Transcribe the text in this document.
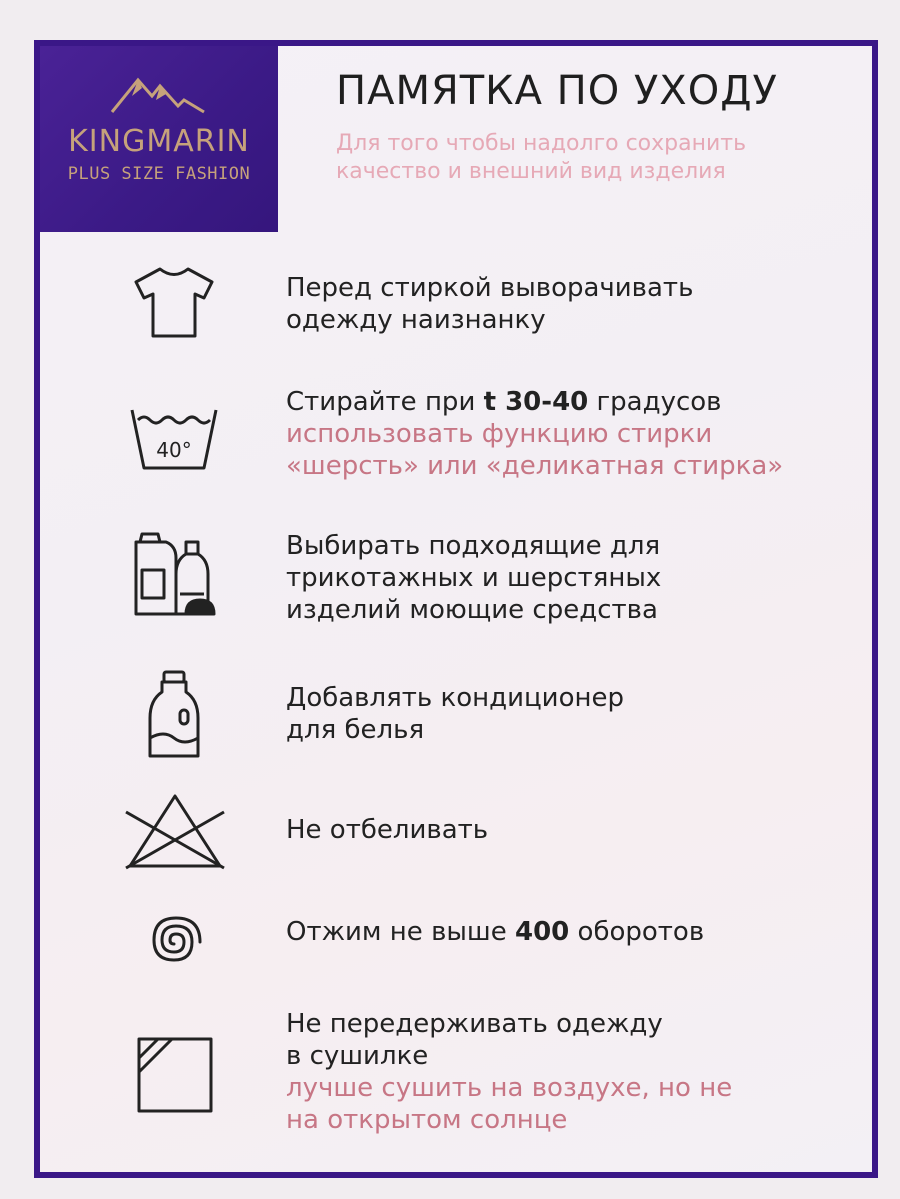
KINGMARIN
PLUS SIZE FASHION
ПАМЯТКА ПО УХОДУ
Для того чтобы надолго сохранить качество и внешний вид изделия
Перед стиркой выворачивать
одежду наизнанку
40°
Стирайте при t 30-40 градусов
использовать функцию стирки
«шерсть» или «деликатная стирка»
Выбирать подходящие для
трикотажных и шерстяных
изделий моющие средства
Добавлять кондиционер
для белья
Не отбеливать
Отжим не выше 400 оборотов
Не передерживать одежду
в сушилке
лучше сушить на воздухе, но не
на открытом солнце
